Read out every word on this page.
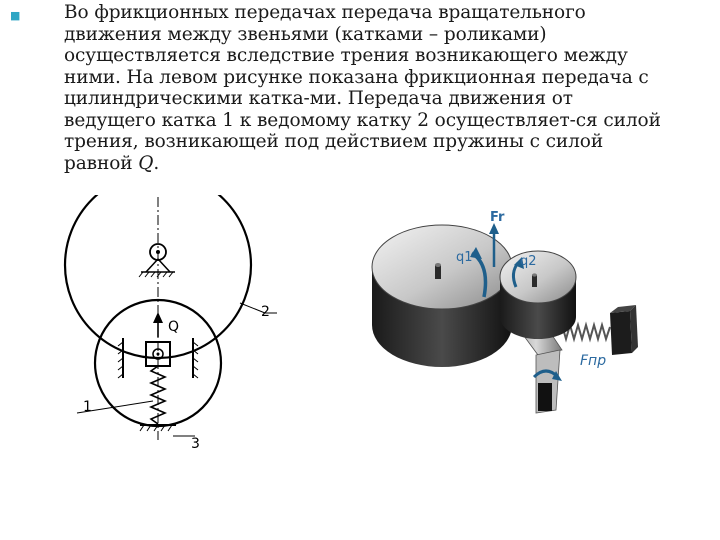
■ Во фрикционных передачах передача вращательного
движения между звеньями (катками – роликами)
осуществляется вследствие трения возникающего между
ними. На левом рисунке показана фрикционная передача с
цилиндрическими катка-ми. Передача движения от
ведущего катка 1 к ведомому катку 2 осуществляет-ся силой
трения, возникающей под действием пружины с силой
равной Q.
Q
2
1
3
Fr
q1	q2
Fпр
